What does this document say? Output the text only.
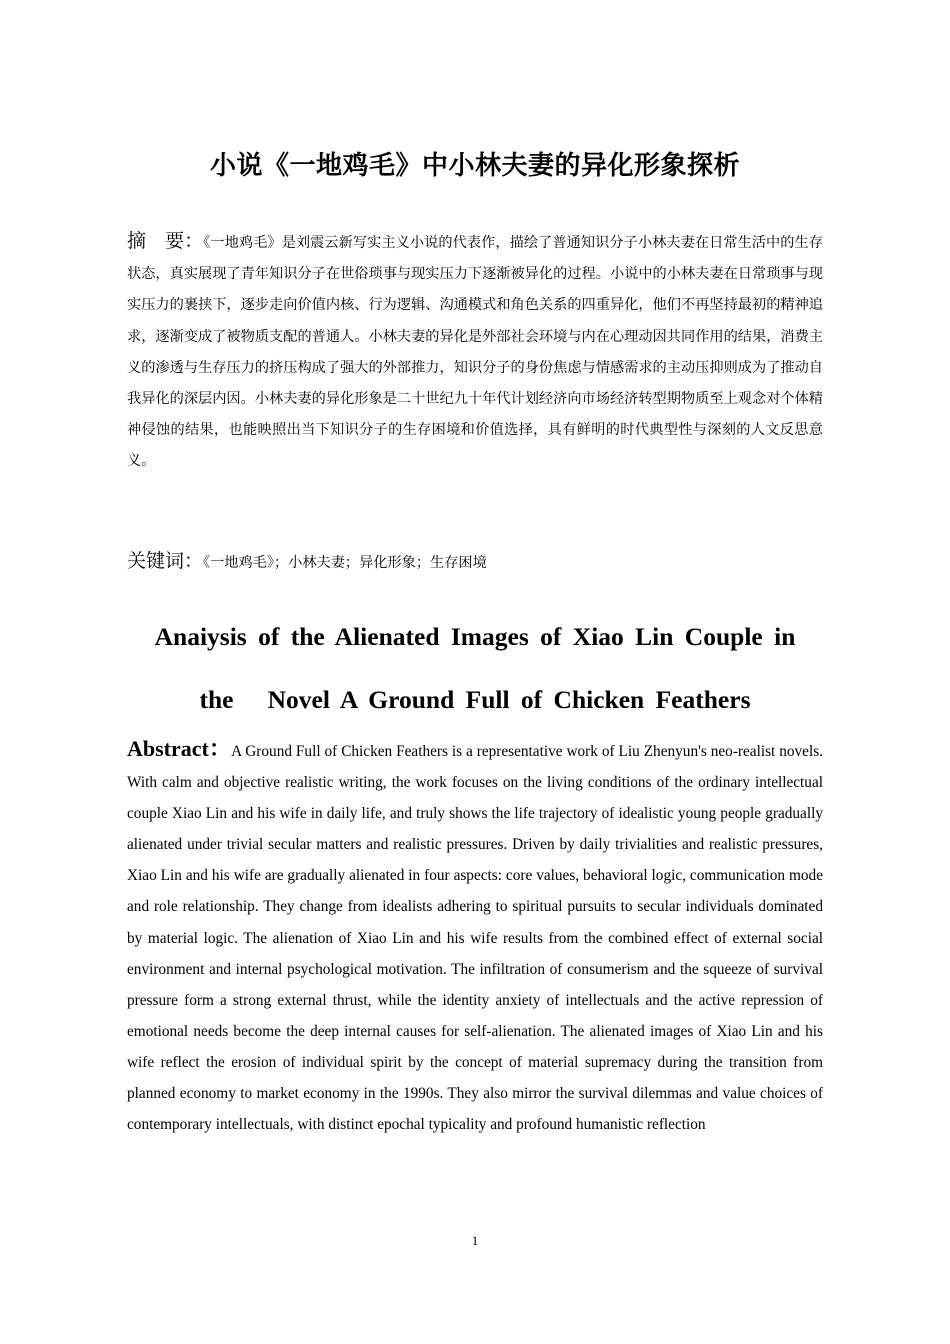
小说《一地鸡毛》中小林夫妻的异化形象探析
摘　要：《一地鸡毛》是刘震云新写实主义小说的代表作，描绘了普通知识分子小林夫妻在日常生活中的生存状态，真实展现了青年知识分子在世俗琐事与现实压力下逐渐被异化的过程。小说中的小林夫妻在日常琐事与现实压力的裹挟下，逐步走向价值内核、行为逻辑、沟通模式和角色关系的四重异化，他们不再坚持最初的精神追求，逐渐变成了被物质支配的普通人。小林夫妻的异化是外部社会环境与内在心理动因共同作用的结果，消费主义的渗透与生存压力的挤压构成了强大的外部推力，知识分子的身份焦虑与情感需求的主动压抑则成为了推动自我异化的深层内因。小林夫妻的异化形象是二十世纪九十年代计划经济向市场经济转型期物质至上观念对个体精神侵蚀的结果，也能映照出当下知识分子的生存困境和价值选择，具有鲜明的时代典型性与深刻的人文反思意义。
关键词：《一地鸡毛》；小林夫妻；异化形象；生存困境
Anaiysis of the Alienated Images of Xiao Lin Couple in
the   Novel A Ground Full of Chicken Feathers
Abstract：A Ground Full of Chicken Feathers is a representative work of Liu Zhenyun's neo-realist novels. With calm and objective realistic writing, the work focuses on the living conditions of the ordinary intellectual couple Xiao Lin and his wife in daily life, and truly shows the life trajectory of idealistic young people gradually alienated under trivial secular matters and realistic pressures. Driven by daily trivialities and realistic pressures, Xiao Lin and his wife are gradually alienated in four aspects: core values, behavioral logic, communication mode and role relationship. They change from idealists adhering to spiritual pursuits to secular individuals dominated by material logic. The alienation of Xiao Lin and his wife results from the combined effect of external social environment and internal psychological motivation. The infiltration of consumerism and the squeeze of survival pressure form a strong external thrust, while the identity anxiety of intellectuals and the active repression of emotional needs become the deep internal causes for self-alienation. The alienated images of Xiao Lin and his wife reflect the erosion of individual spirit by the concept of material supremacy during the transition from planned economy to market economy in the 1990s. They also mirror the survival dilemmas and value choices of contemporary intellectuals, with distinct epochal typicality and profound humanistic reflection
1
